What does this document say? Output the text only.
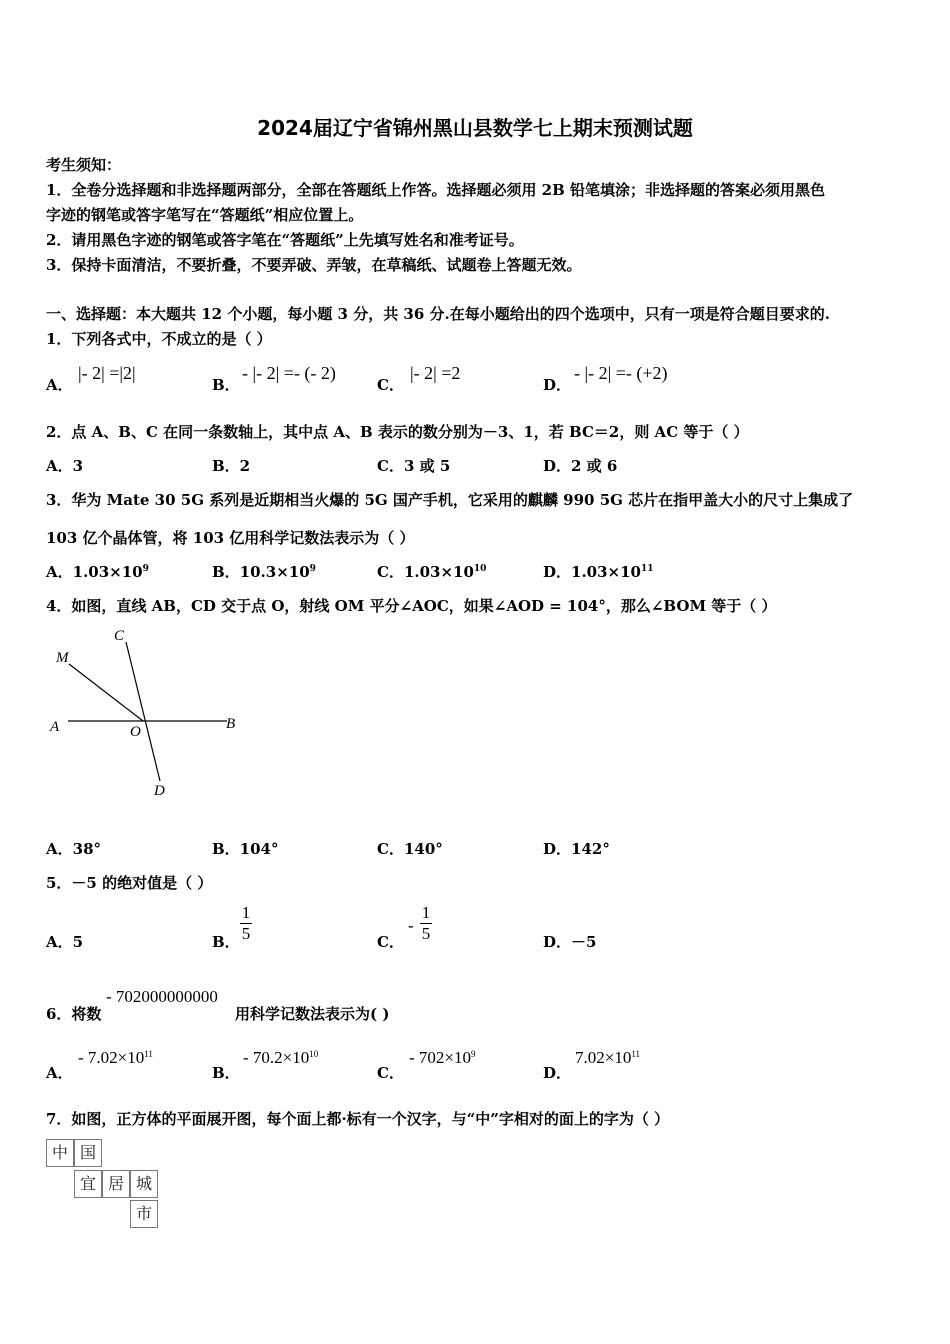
2024届辽宁省锦州黑山县数学七上期末预测试题
考生须知：
1．全卷分选择题和非选择题两部分，全部在答题纸上作答。选择题必须用 2B 铅笔填涂；非选择题的答案必须用黑色
字迹的钢笔或答字笔写在“答题纸”相应位置上。
2．请用黑色字迹的钢笔或答字笔在“答题纸”上先填写姓名和准考证号。
3．保持卡面清洁，不要折叠，不要弄破、弄皱，在草稿纸、试题卷上答题无效。
一、选择题：本大题共 12 个小题，每小题 3 分，共 36 分.在每小题给出的四个选项中，只有一项是符合题目要求的.
1．下列各式中，不成立的是（ ）
A．
|- 2| =|2|
B．
- |- 2| =- (- 2)
C．
|- 2| =2
D．
- |- 2| =- (+2)
2．点 A、B、C 在同一条数轴上，其中点 A、B 表示的数分别为－3、1，若 BC＝2，则 AC 等于（ ）
A．3	B．2	C．3 或 5	D．2 或 6
3．华为 Mate 30 5G 系列是近期相当火爆的 5G 国产手机，它采用的麒麟 990 5G 芯片在指甲盖大小的尺寸上集成了
103 亿个晶体管，将 103 亿用科学记数法表示为（ ）
A．$1.03\times 10^9$	B．$10.3\times 10^9$	C．$1.03\times 10^{10}$	D．$1.03\times 10^{11}$
4．如图，直线 AB，CD 交于点 O，射线 OM 平分∠AOC，如果∠AOD = 104°，那么∠BOM 等于（ ）
M
C
A	O	B
D
A．38°	B．104°	C．140°	D．142°
5．－5 的绝对值是（ ）
A．5	B．
1
5	C．
-
1
5	D．－5
6．将数
- 702000000000
用科学记数法表示为( )
A．
- $7.02\times 10^{11}$
B．
- $70.2\times 10^{10}$
C．
- $702\times 10^9$
D．
$7.02\times 10^{11}$
7．如图，正方体的平面展开图，每个面上都·标有一个汉字，与“中”字相对的面上的字为（ ）
中 国
宜 居 城
市
